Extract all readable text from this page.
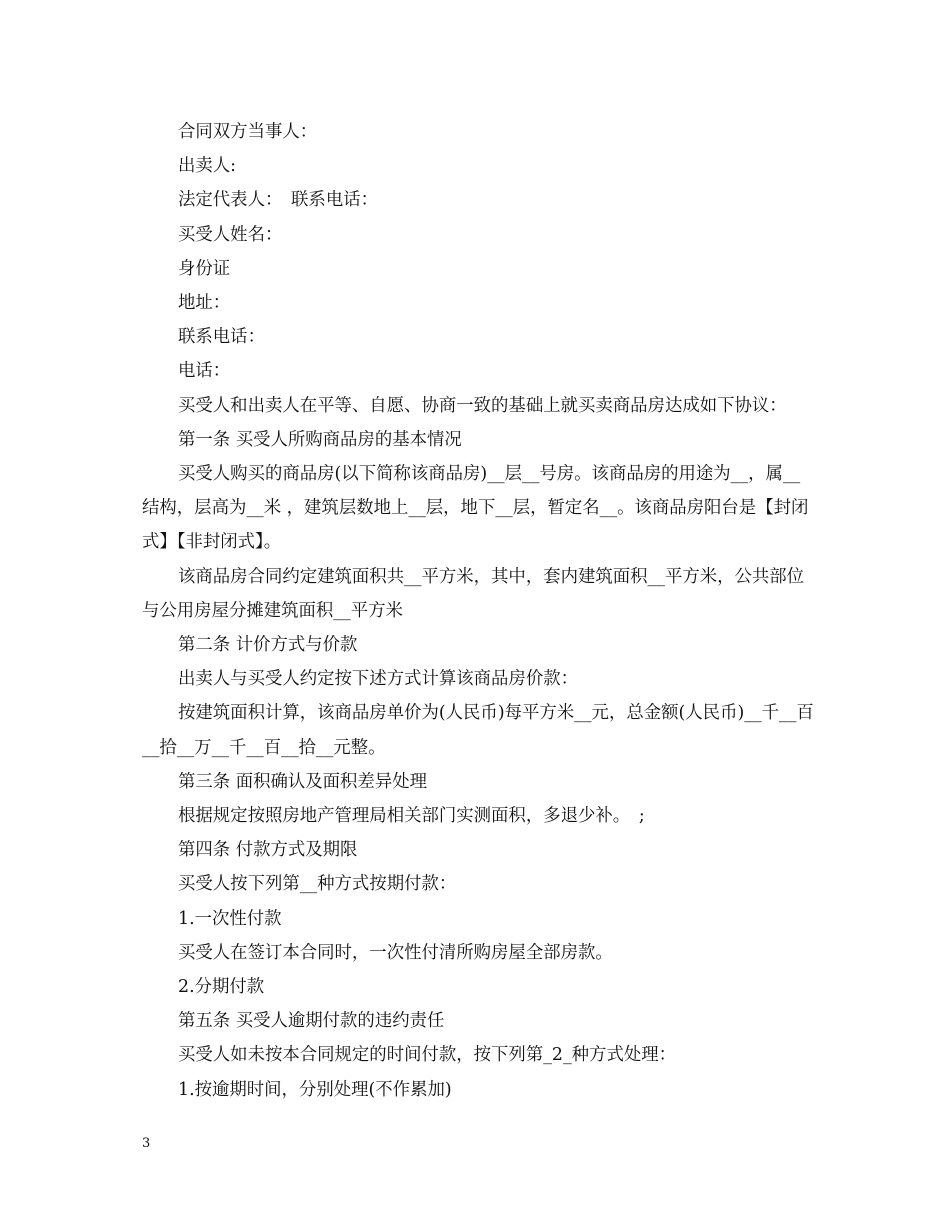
合同双方当事人：

出卖人:

法定代表人：　联系电话：

买受人姓名：

身份证

地址：

联系电话：

电话：

买受人和出卖人在平等、自愿、协商一致的基础上就买卖商品房达成如下协议：

第一条 买受人所购商品房的基本情况

买受人购买的商品房(以下简称该商品房)__层__号房。该商品房的用途为__，属__结构，层高为__米 ，建筑层数地上__层，地下__层，暂定名__。该商品房阳台是【封闭式】【非封闭式】。

该商品房合同约定建筑面积共__平方米，其中，套内建筑面积__平方米，公共部位与公用房屋分摊建筑面积__平方米

第二条 计价方式与价款

出卖人与买受人约定按下述方式计算该商品房价款：

按建筑面积计算，该商品房单价为(人民币)每平方米__元，总金额(人民币)__千__百__拾__万__千__百__拾__元整。

第三条 面积确认及面积差异处理

根据规定按照房地产管理局相关部门实测面积，多退少补。　;

第四条 付款方式及期限

买受人按下列第__种方式按期付款：

1.一次性付款

买受人在签订本合同时，一次性付清所购房屋全部房款。

2.分期付款

第五条 买受人逾期付款的违约责任

买受人如未按本合同规定的时间付款，按下列第_2_种方式处理：

1.按逾期时间，分别处理(不作累加)

3
